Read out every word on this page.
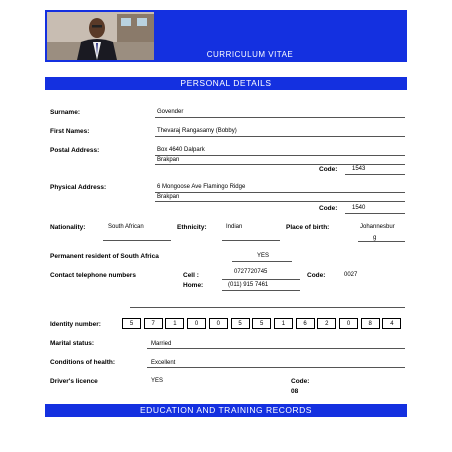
CURRICULUM VITAE
PERSONAL DETAILS
Surname:	Govender
First Names:	Thevaraj Rangasamy (Bobby)
Postal Address:	Box 4640 Dalpark
Brakpan
Code: 1543
Physical Address:	6 Mongoose Ave Flamingo Ridge
Brakpan
Code: 1540
Nationality:	South African	Ethnicity:	Indian	Place of birth:	Johannesbur
g
Permanent resident of South Africa	YES
Contact telephone numbers	Cell :	0727720745	Code:	0027
Home:	(011) 915 7461
Identity number:	5	7	1	0	0	5	5	1	6	2	0	8	4
Marital status:	Married
Conditions of health:	Excellent
Driver's licence	YES	Code:
08
EDUCATION AND TRAINING RECORDS
